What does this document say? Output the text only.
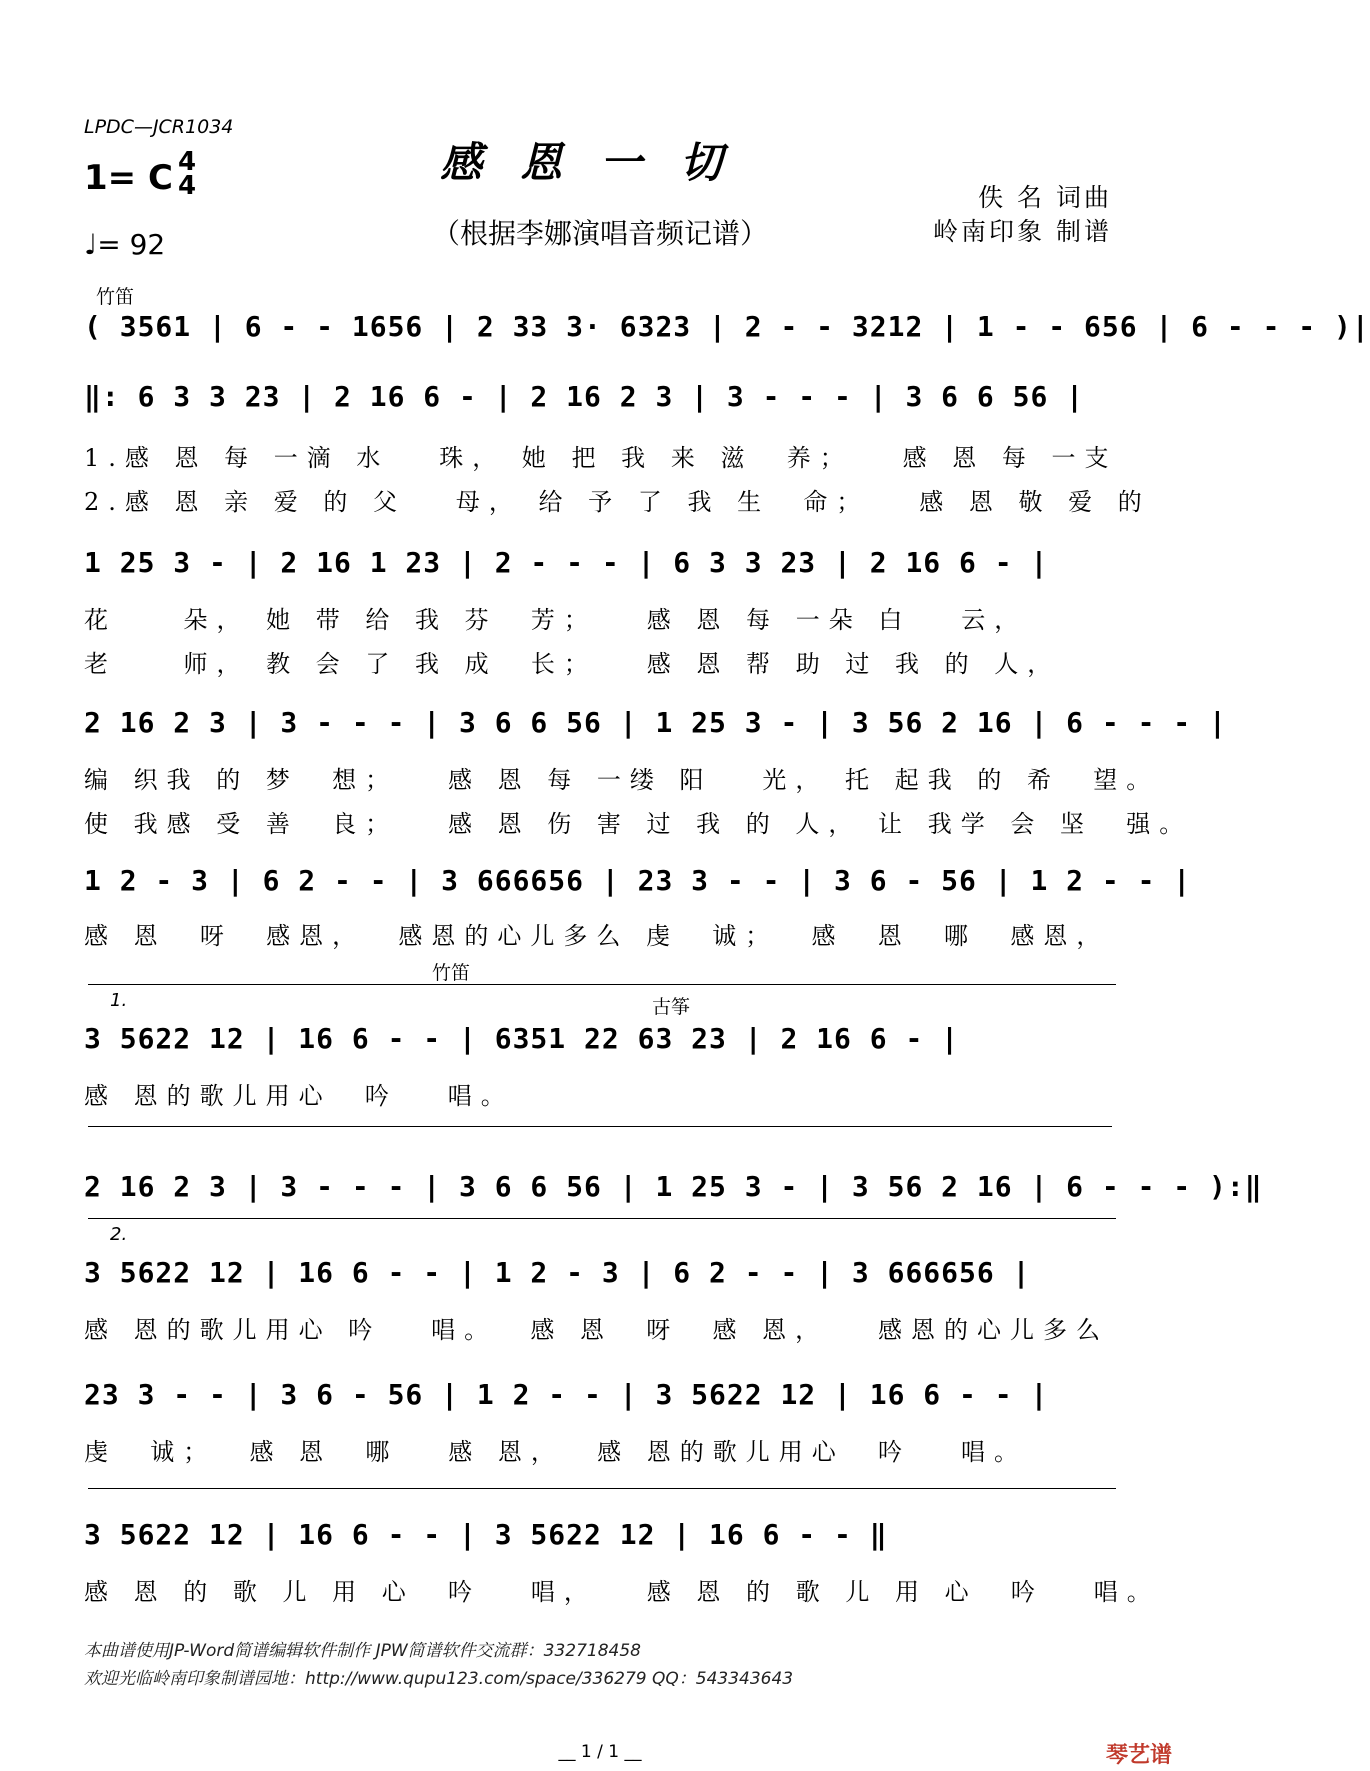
LPDC—JCR1034
1= C 4
4
♩= 92
感恩一切
（根据李娜演唱音频记谱）
佚 名 词曲
岭南印象 制谱
竹笛
( 3561 | 6 - - 1656 | 2 33 3· 6323 | 2 - - 3212 | 1 - - 656 | 6 - - - )|
‖: 6 3 3 23 | 2 16 6 - | 2 16 2 3 | 3 - - - | 3 6 6 56 |
1.感 恩 每 一滴 水   珠， 她 把 我 来 滋  养；   感 恩 每 一支
2.感 恩 亲 爱 的 父   母， 给 予 了 我 生  命；   感 恩 敬 爱 的
1 25 3 - | 2 16 1 23 | 2 - - - | 6 3 3 23 | 2 16 6 - |
花    朵， 她 带 给 我 芬  芳；   感 恩 每 一朵 白   云，
老    师， 教 会 了 我 成  长；   感 恩 帮 助 过 我 的 人，
2 16 2 3 | 3 - - - | 3 6 6 56 | 1 25 3 - | 3 56 2 16 | 6 - - - |
编 织我 的 梦  想；   感 恩 每 一缕 阳   光， 托 起我 的 希  望。
使 我感 受 善  良；   感 恩 伤 害 过 我 的 人， 让 我学 会 坚  强。
1 2 - 3 | 6 2 - - | 3 666656 | 23 3 - - | 3 6 - 56 | 1 2 - - |
感 恩  呀  感恩，  感恩的心儿多么 虔  诚；  感  恩  哪  感恩，
竹笛
古筝
1.
3 5622 12 | 16 6 - - | 6351 22 63 23 | 2 16 6 - |
感 恩的歌儿用心  吟   唱。
2 16 2 3 | 3 - - - | 3 6 6 56 | 1 25 3 - | 3 56 2 16 | 6 - - - ):‖
2.
3 5622 12 | 16 6 - - | 1 2 - 3 | 6 2 - - | 3 666656 |
感 恩的歌儿用心 吟   唱。  感 恩  呀  感 恩，   感恩的心儿多么
23 3 - - | 3 6 - 56 | 1 2 - - | 3 5622 12 | 16 6 - - |
虔  诚；  感 恩  哪   感 恩，  感 恩的歌儿用心  吟   唱。
3 5622 12 | 16 6 - - | 3 5622 12 | 16 6 - - ‖
感 恩 的 歌 儿 用 心  吟   唱，   感 恩 的 歌 儿 用 心  吟   唱。
本曲谱使用JP-Word简谱编辑软件制作 JPW简谱软件交流群：332718458
欢迎光临岭南印象制谱园地：http://www.qupu123.com/space/336279 QQ：543343643
__ 1 / 1 __	琴艺谱
